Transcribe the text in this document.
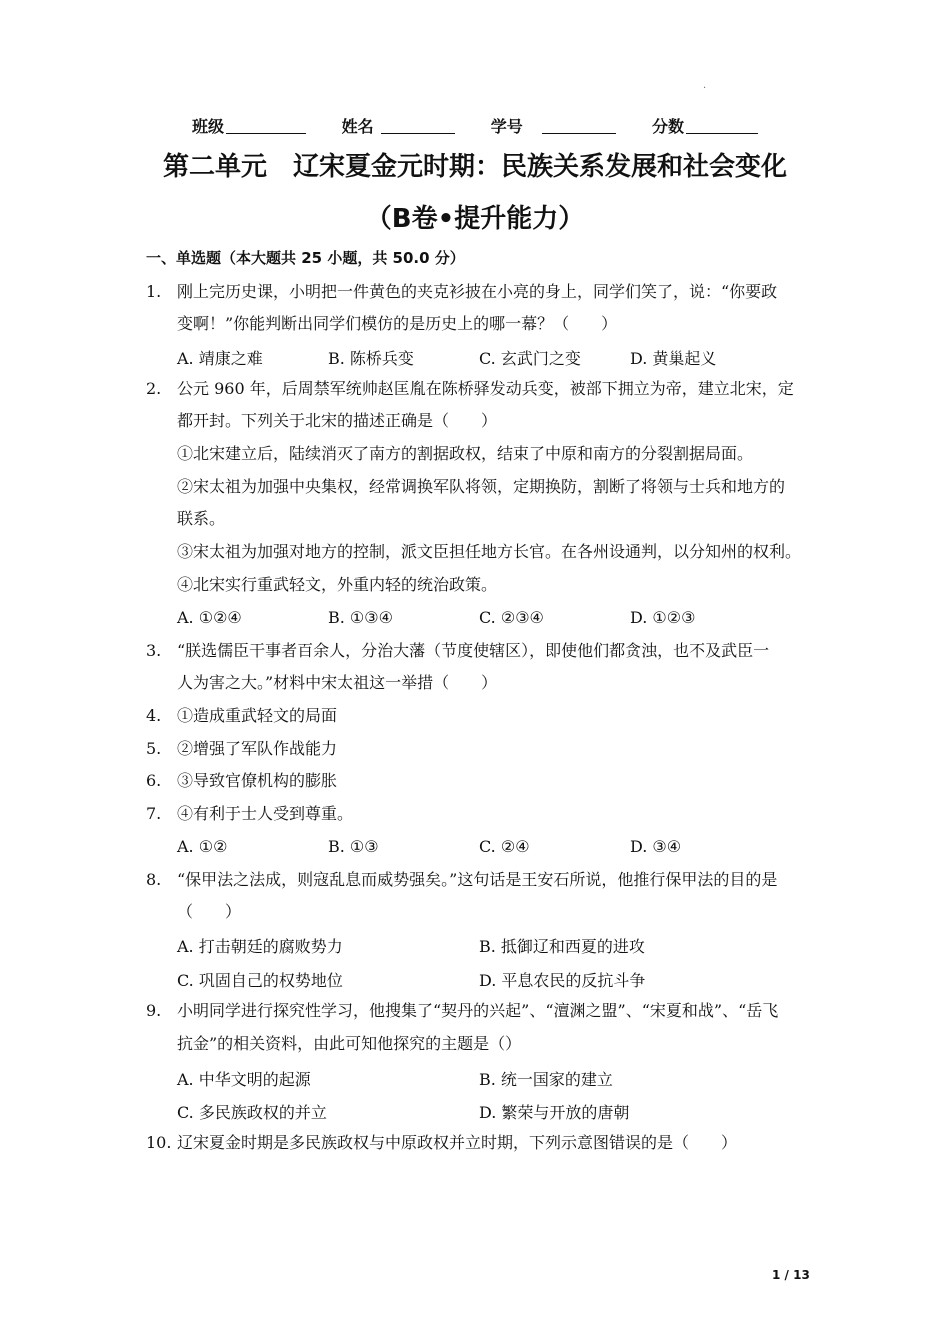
.
班级	姓名	学号	分数
第二单元　辽宋夏金元时期：民族关系发展和社会变化
（B卷•提升能力）
一、单选题（本大题共 25 小题，共 50.0 分）
1. 刚上完历史课，小明把一件黄色的夹克衫披在小亮的身上，同学们笑了，说：“你要政
变啊！”你能判断出同学们模仿的是历史上的哪一幕？（　　）
2. 公元 960 年，后周禁军统帅赵匡胤在陈桥驿发动兵变，被部下拥立为帝，建立北宋，定
都开封。下列关于北宋的描述正确是（　　）
①北宋建立后，陆续消灭了南方的割据政权，结束了中原和南方的分裂割据局面。
②宋太祖为加强中央集权，经常调换军队将领，定期换防，割断了将领与士兵和地方的
联系。
③宋太祖为加强对地方的控制，派文臣担任地方长官。在各州设通判，以分知州的权利。
④北宋实行重武轻文，外重内轻的统治政策。
3. “朕选儒臣干事者百余人，分治大藩（节度使辖区），即使他们都贪浊，也不及武臣一
人为害之大。”材料中宋太祖这一举措（　　）
4. ①造成重武轻文的局面
5. ②增强了军队作战能力
6. ③导致官僚机构的膨胀
7. ④有利于士人受到尊重。
8. “保甲法之法成，则寇乱息而威势强矣。”这句话是王安石所说，他推行保甲法的目的是
（　　）
9. 小明同学进行探究性学习，他搜集了“契丹的兴起”、“澶渊之盟”、“宋夏和战”、“岳飞
抗金”的相关资料，由此可知他探究的主题是（）
10. 辽宋夏金时期是多民族政权与中原政权并立时期，下列示意图错误的是（　　）
A. 靖康之难	B. 陈桥兵变	C. 玄武门之变	D. 黄巢起义
A. ①②④	B. ①③④	C. ②③④	D. ①②③
A. ①②	B. ①③	C. ②④	D. ③④
A. 打击朝廷的腐败势力	B. 抵御辽和西夏的进攻
C. 巩固自己的权势地位	D. 平息农民的反抗斗争
A. 中华文明的起源	B. 统一国家的建立
C. 多民族政权的并立	D. 繁荣与开放的唐朝
1 / 13
